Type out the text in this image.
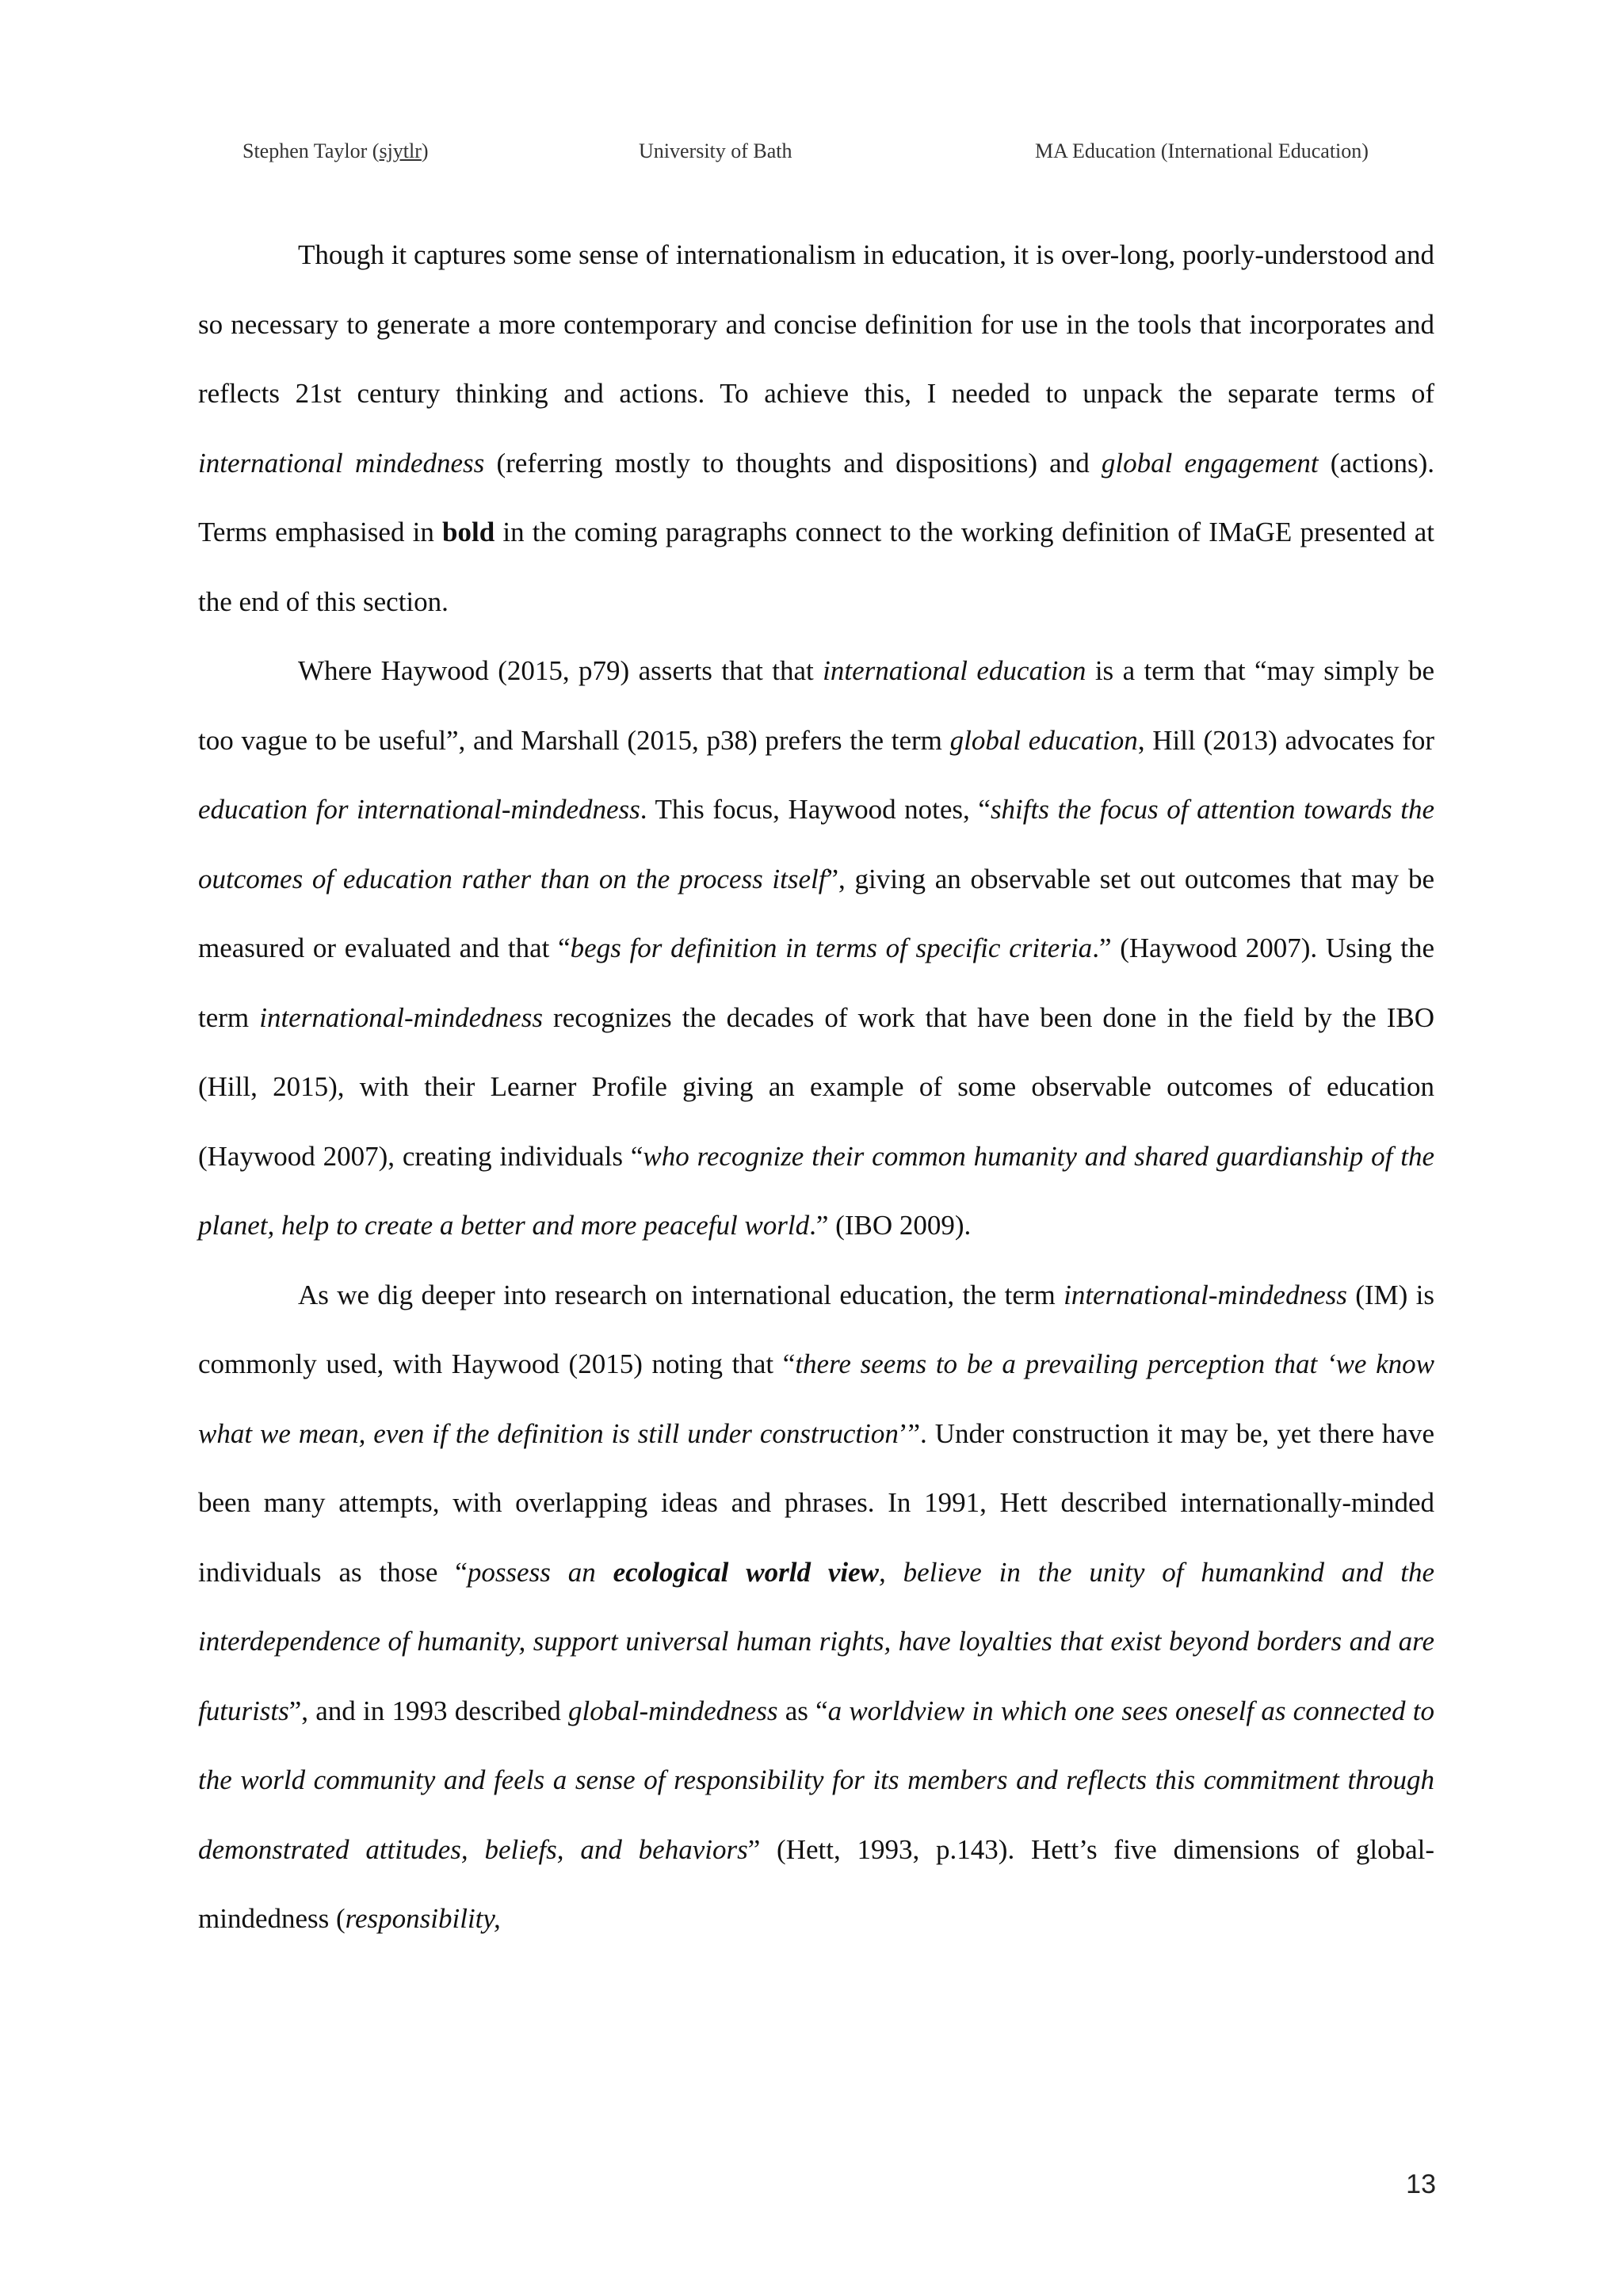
Stephen Taylor (sjytlr)	University of Bath	MA Education (International Education)

Though it captures some sense of internationalism in education, it is over-long, poorly-understood and so necessary to generate a more contemporary and concise definition for use in the tools that incorporates and reflects 21st century thinking and actions. To achieve this, I needed to unpack the separate terms of international mindedness (referring mostly to thoughts and dispositions) and global engagement (actions). Terms emphasised in bold in the coming paragraphs connect to the working definition of IMaGE presented at the end of this section.

Where Haywood (2015, p79) asserts that that international education is a term that “may simply be too vague to be useful”, and Marshall (2015, p38) prefers the term global education, Hill (2013) advocates for education for international-mindedness. This focus, Haywood notes, “shifts the focus of attention towards the outcomes of education rather than on the process itself”, giving an observable set out outcomes that may be measured or evaluated and that “begs for definition in terms of specific criteria.” (Haywood 2007). Using the term international-mindedness recognizes the decades of work that have been done in the field by the IBO (Hill, 2015), with their Learner Profile giving an example of some observable outcomes of education (Haywood 2007), creating individuals “who recognize their common humanity and shared guardianship of the planet, help to create a better and more peaceful world.” (IBO 2009).

As we dig deeper into research on international education, the term international-mindedness (IM) is commonly used, with Haywood (2015) noting that “there seems to be a prevailing perception that ‘we know what we mean, even if the definition is still under construction’”. Under construction it may be, yet there have been many attempts, with overlapping ideas and phrases. In 1991, Hett described internationally-minded individuals as those “possess an ecological world view, believe in the unity of humankind and the interdependence of humanity, support universal human rights, have loyalties that exist beyond borders and are futurists”, and in 1993 described global-mindedness as “a worldview in which one sees oneself as connected to the world community and feels a sense of responsibility for its members and reflects this commitment through demonstrated attitudes, beliefs, and behaviors” (Hett, 1993, p.143). Hett’s five dimensions of global-mindedness (responsibility,

13
